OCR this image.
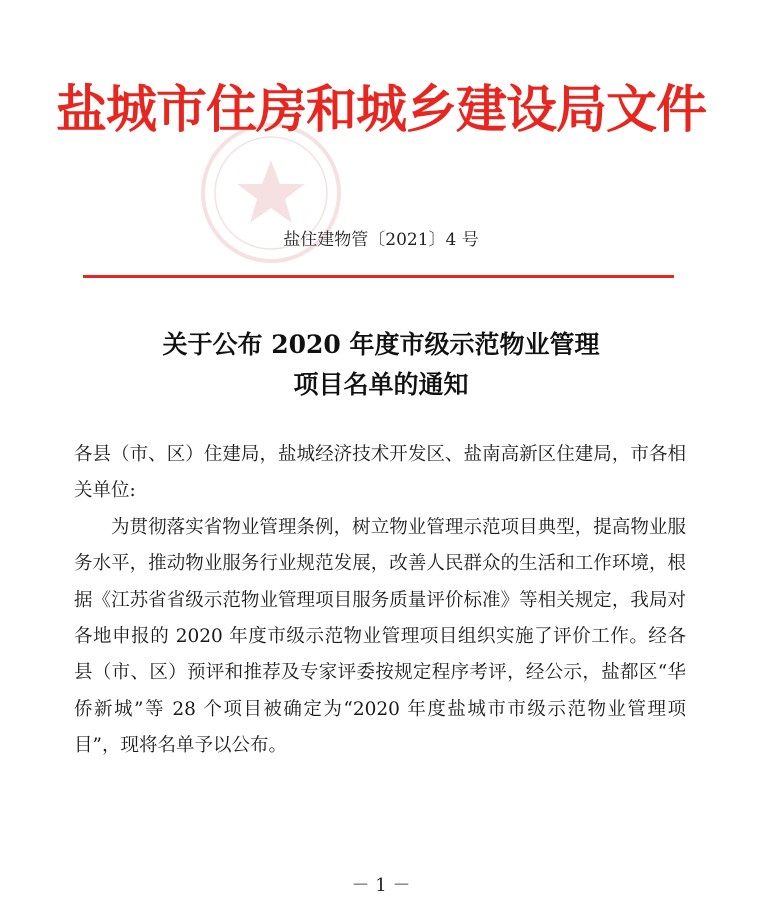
盐城市住房和城乡建设局文件
盐住建物管〔2021〕4 号
关于公布 2020 年度市级示范物业管理
项目名单的通知

各县（市、区）住建局，盐城经济技术开发区、盐南高新区住建局，市各相关单位:

为贯彻落实省物业管理条例，树立物业管理示范项目典型，提高物业服务水平，推动物业服务行业规范发展，改善人民群众的生活和工作环境，根据《江苏省省级示范物业管理项目服务质量评价标准》等相关规定，我局对各地申报的 2020 年度市级示范物业管理项目组织实施了评价工作。经各县（市、区）预评和推荐及专家评委按规定程序考评，经公示，盐都区“华侨新城”等 28 个项目被确定为“2020 年度盐城市市级示范物业管理项目”，现将名单予以公布。

－ 1 －
